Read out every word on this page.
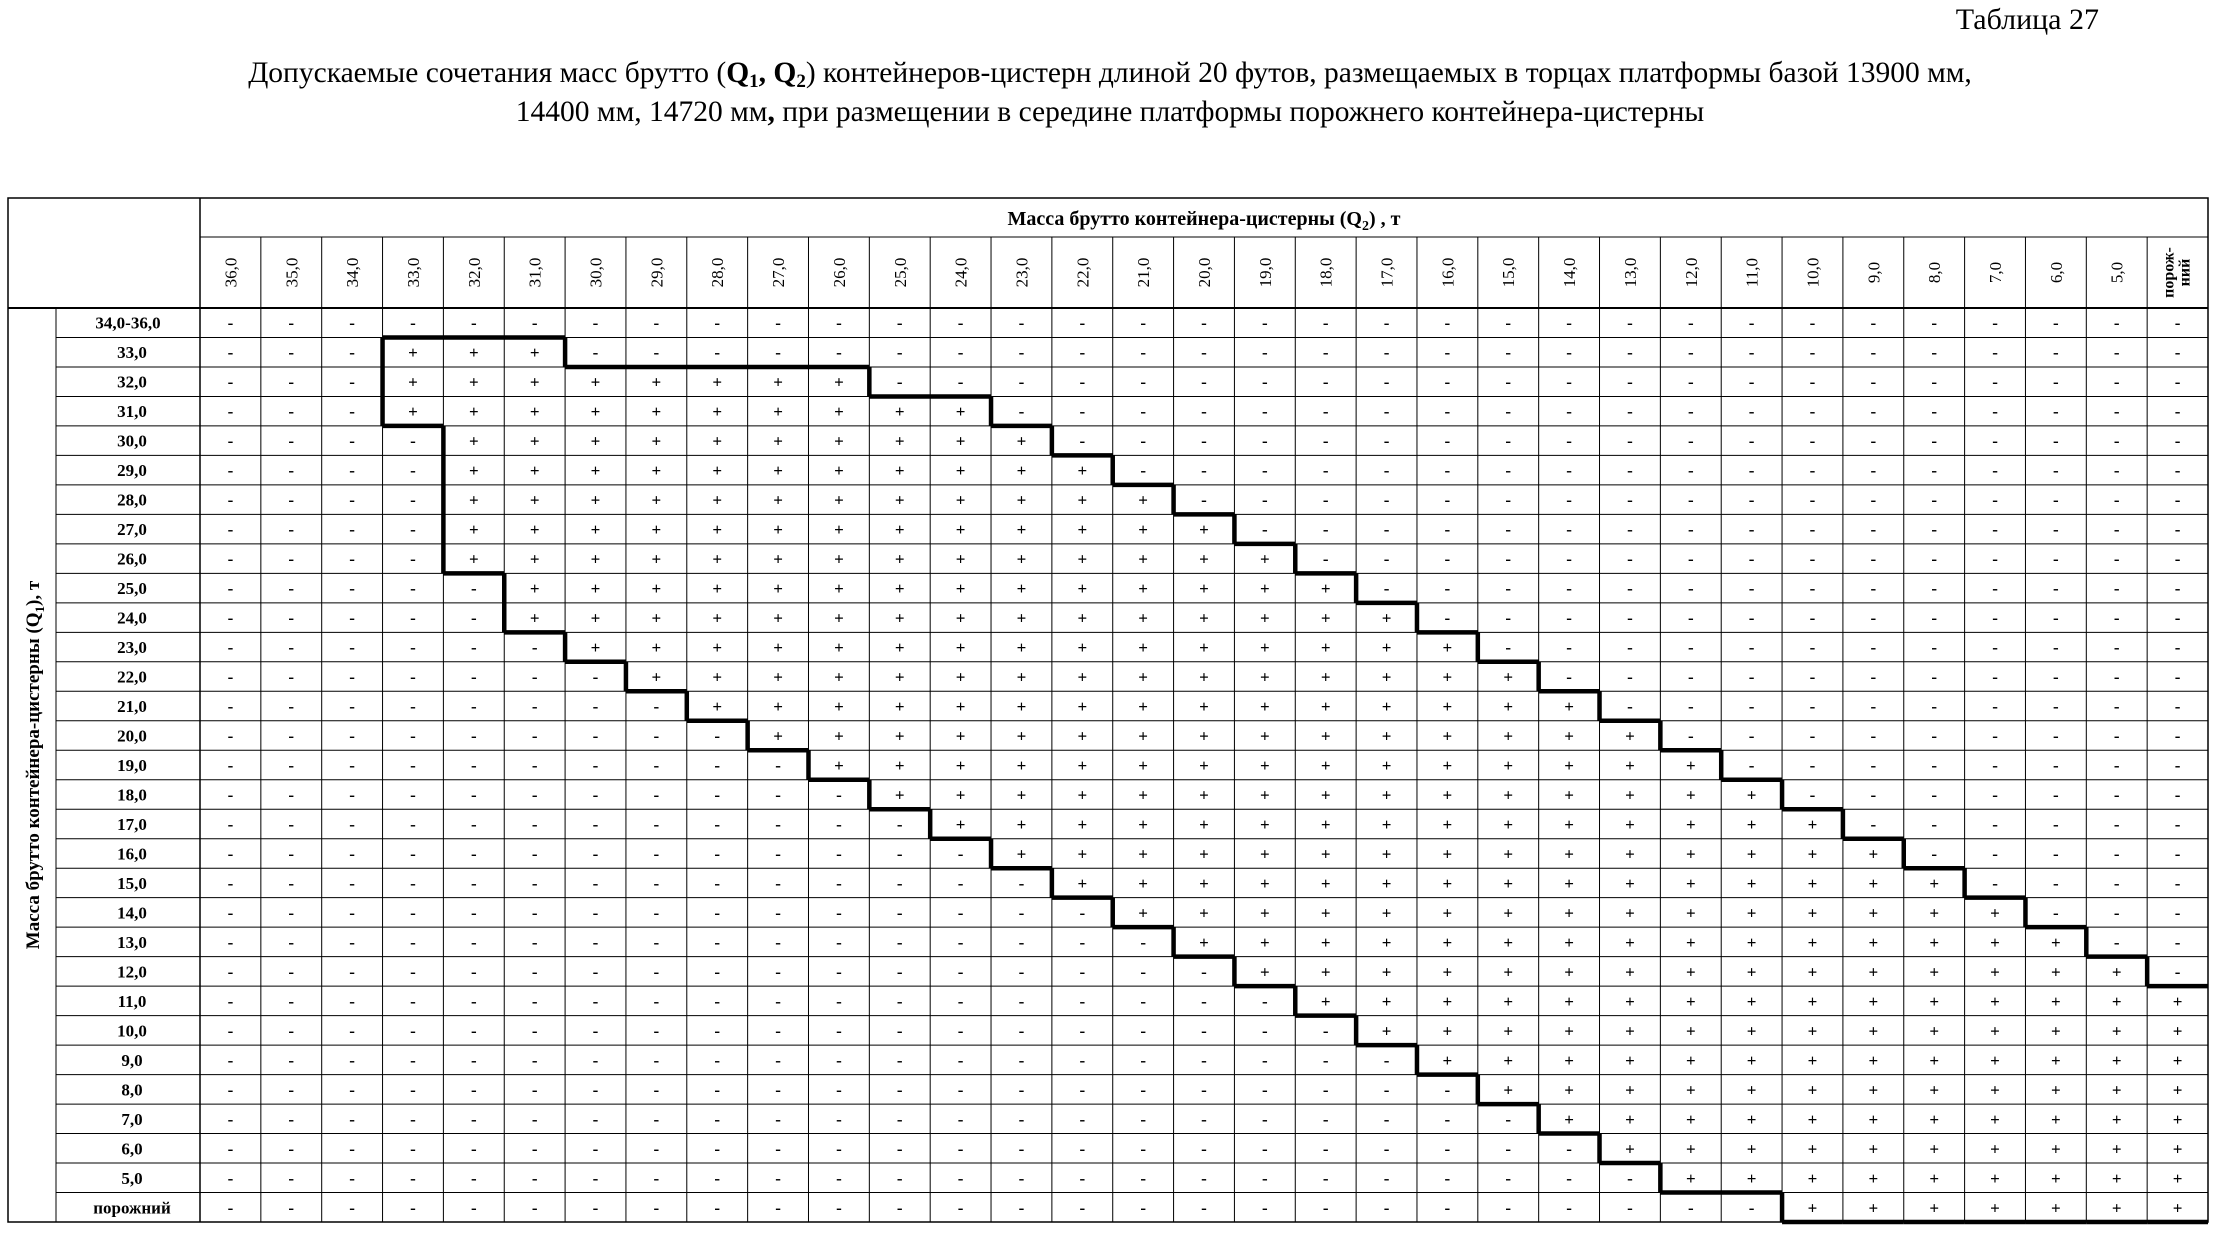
Таблица 27
Допускаемые сочетания масс брутто ($Q_1$, $Q_2$) контейнеров-цистерн длиной 20 футов, размещаемых в торцах платформы базой 13900 мм,
14400 мм, 14720 мм, при размещении в середине платформы порожнего контейнера-цистерны
Масса брутто контейнера-цистерны $(Q_2)$ , т
36,0 35,0 34,0 33,0 32,0 31,0 30,0 29,0 28,0 27,0 26,0 25,0 24,0 23,0 22,0 21,0 20,0 19,0 18,0 17,0 16,0 15,0 14,0 13,0 12,0 11,0 10,0 9,0 8,0 7,0 6,0 5,0 порож-ний
Масса брутто контейнера-цистерны $(Q_1)$, т
34,0-36,0	-	-	-	-	-	-	-	-	-	-	-	-	-	-	-	-	-	-	-	-	-	-	-	-	-	-	-	-	-	-	-	-	-
33,0	-	-	-	+	+	+	-	-	-	-	-	-	-	-	-	-	-	-	-	-	-	-	-	-	-	-	-	-	-	-	-	-	-
32,0	-	-	-	+	+	+	+	+	+	+	+	-	-	-	-	-	-	-	-	-	-	-	-	-	-	-	-	-	-	-	-	-	-
31,0	-	-	-	+	+	+	+	+	+	+	+	+	+	-	-	-	-	-	-	-	-	-	-	-	-	-	-	-	-	-	-	-	-
30,0	-	-	-	-	+	+	+	+	+	+	+	+	+	+	-	-	-	-	-	-	-	-	-	-	-	-	-	-	-	-	-	-	-
29,0	-	-	-	-	+	+	+	+	+	+	+	+	+	+	+	-	-	-	-	-	-	-	-	-	-	-	-	-	-	-	-	-	-
28,0	-	-	-	-	+	+	+	+	+	+	+	+	+	+	+	+	-	-	-	-	-	-	-	-	-	-	-	-	-	-	-	-	-
27,0	-	-	-	-	+	+	+	+	+	+	+	+	+	+	+	+	+	-	-	-	-	-	-	-	-	-	-	-	-	-	-	-	-
26,0	-	-	-	-	+	+	+	+	+	+	+	+	+	+	+	+	+	+	-	-	-	-	-	-	-	-	-	-	-	-	-	-	-
25,0	-	-	-	-	-	+	+	+	+	+	+	+	+	+	+	+	+	+	+	-	-	-	-	-	-	-	-	-	-	-	-	-	-
24,0	-	-	-	-	-	+	+	+	+	+	+	+	+	+	+	+	+	+	+	+	-	-	-	-	-	-	-	-	-	-	-	-	-
23,0	-	-	-	-	-	-	+	+	+	+	+	+	+	+	+	+	+	+	+	+	+	-	-	-	-	-	-	-	-	-	-	-	-
22,0	-	-	-	-	-	-	-	+	+	+	+	+	+	+	+	+	+	+	+	+	+	+	-	-	-	-	-	-	-	-	-	-	-
21,0	-	-	-	-	-	-	-	-	+	+	+	+	+	+	+	+	+	+	+	+	+	+	+	-	-	-	-	-	-	-	-	-	-
20,0	-	-	-	-	-	-	-	-	-	+	+	+	+	+	+	+	+	+	+	+	+	+	+	+	-	-	-	-	-	-	-	-	-
19,0	-	-	-	-	-	-	-	-	-	-	+	+	+	+	+	+	+	+	+	+	+	+	+	+	+	-	-	-	-	-	-	-	-
18,0	-	-	-	-	-	-	-	-	-	-	-	+	+	+	+	+	+	+	+	+	+	+	+	+	+	+	-	-	-	-	-	-	-
17,0	-	-	-	-	-	-	-	-	-	-	-	-	+	+	+	+	+	+	+	+	+	+	+	+	+	+	+	-	-	-	-	-	-
16,0	-	-	-	-	-	-	-	-	-	-	-	-	-	+	+	+	+	+	+	+	+	+	+	+	+	+	+	+	-	-	-	-	-
15,0	-	-	-	-	-	-	-	-	-	-	-	-	-	-	+	+	+	+	+	+	+	+	+	+	+	+	+	+	+	-	-	-	-
14,0	-	-	-	-	-	-	-	-	-	-	-	-	-	-	-	+	+	+	+	+	+	+	+	+	+	+	+	+	+	+	-	-	-
13,0	-	-	-	-	-	-	-	-	-	-	-	-	-	-	-	-	+	+	+	+	+	+	+	+	+	+	+	+	+	+	+	-	-
12,0	-	-	-	-	-	-	-	-	-	-	-	-	-	-	-	-	-	+	+	+	+	+	+	+	+	+	+	+	+	+	+	+	-
11,0	-	-	-	-	-	-	-	-	-	-	-	-	-	-	-	-	-	-	+	+	+	+	+	+	+	+	+	+	+	+	+	+	+
10,0	-	-	-	-	-	-	-	-	-	-	-	-	-	-	-	-	-	-	-	+	+	+	+	+	+	+	+	+	+	+	+	+	+
9,0	-	-	-	-	-	-	-	-	-	-	-	-	-	-	-	-	-	-	-	-	+	+	+	+	+	+	+	+	+	+	+	+	+
8,0	-	-	-	-	-	-	-	-	-	-	-	-	-	-	-	-	-	-	-	-	-	+	+	+	+	+	+	+	+	+	+	+	+
7,0	-	-	-	-	-	-	-	-	-	-	-	-	-	-	-	-	-	-	-	-	-	-	+	+	+	+	+	+	+	+	+	+	+
6,0	-	-	-	-	-	-	-	-	-	-	-	-	-	-	-	-	-	-	-	-	-	-	-	+	+	+	+	+	+	+	+	+	+
5,0	-	-	-	-	-	-	-	-	-	-	-	-	-	-	-	-	-	-	-	-	-	-	-	-	+	+	+	+	+	+	+	+	+
порожний	-	-	-	-	-	-	-	-	-	-	-	-	-	-	-	-	-	-	-	-	-	-	-	-	-	-	+	+	+	+	+	+	+
